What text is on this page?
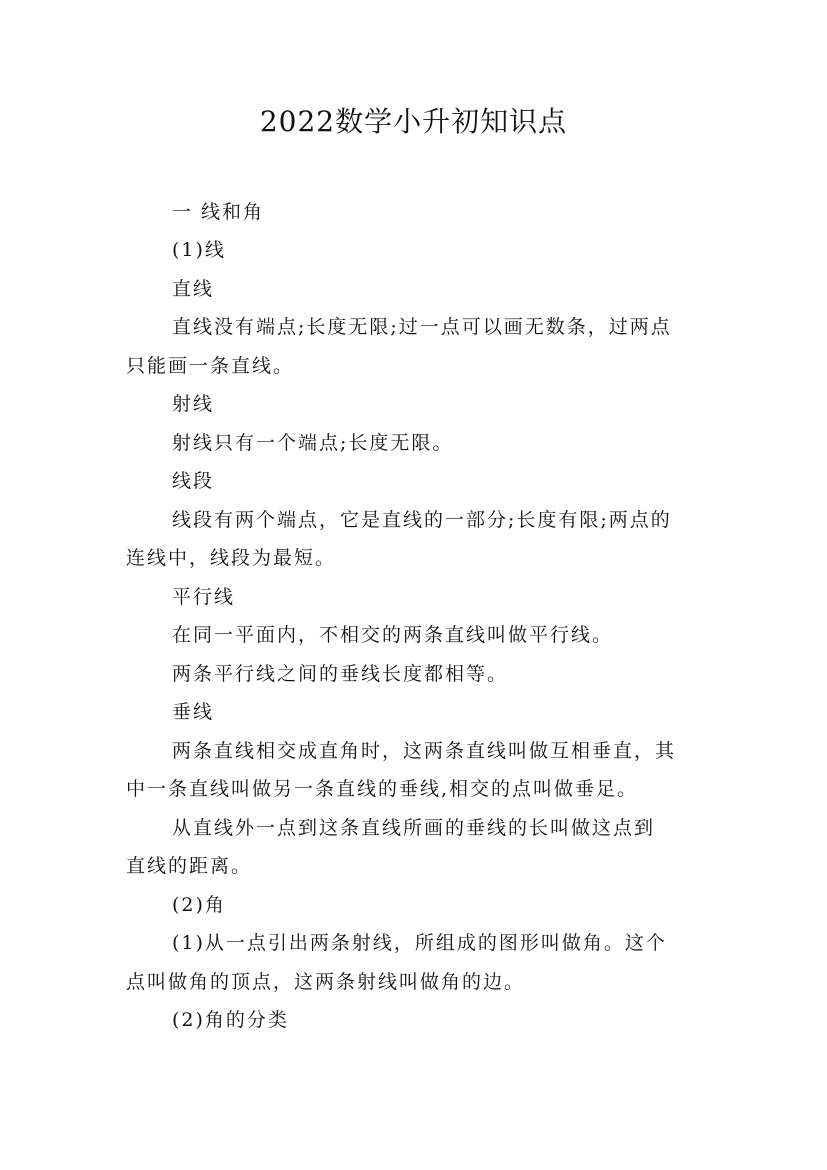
2022数学小升初知识点
一 线和角
(1)线
直线
直线没有端点;长度无限;过一点可以画无数条，过两点
只能画一条直线。
射线
射线只有一个端点;长度无限。
线段
线段有两个端点，它是直线的一部分;长度有限;两点的
连线中，线段为最短。
平行线
在同一平面内，不相交的两条直线叫做平行线。
两条平行线之间的垂线长度都相等。
垂线
两条直线相交成直角时，这两条直线叫做互相垂直，其
中一条直线叫做另一条直线的垂线,相交的点叫做垂足。
从直线外一点到这条直线所画的垂线的长叫做这点到
直线的距离。
(2)角
(1)从一点引出两条射线，所组成的图形叫做角。这个
点叫做角的顶点，这两条射线叫做角的边。
(2)角的分类
